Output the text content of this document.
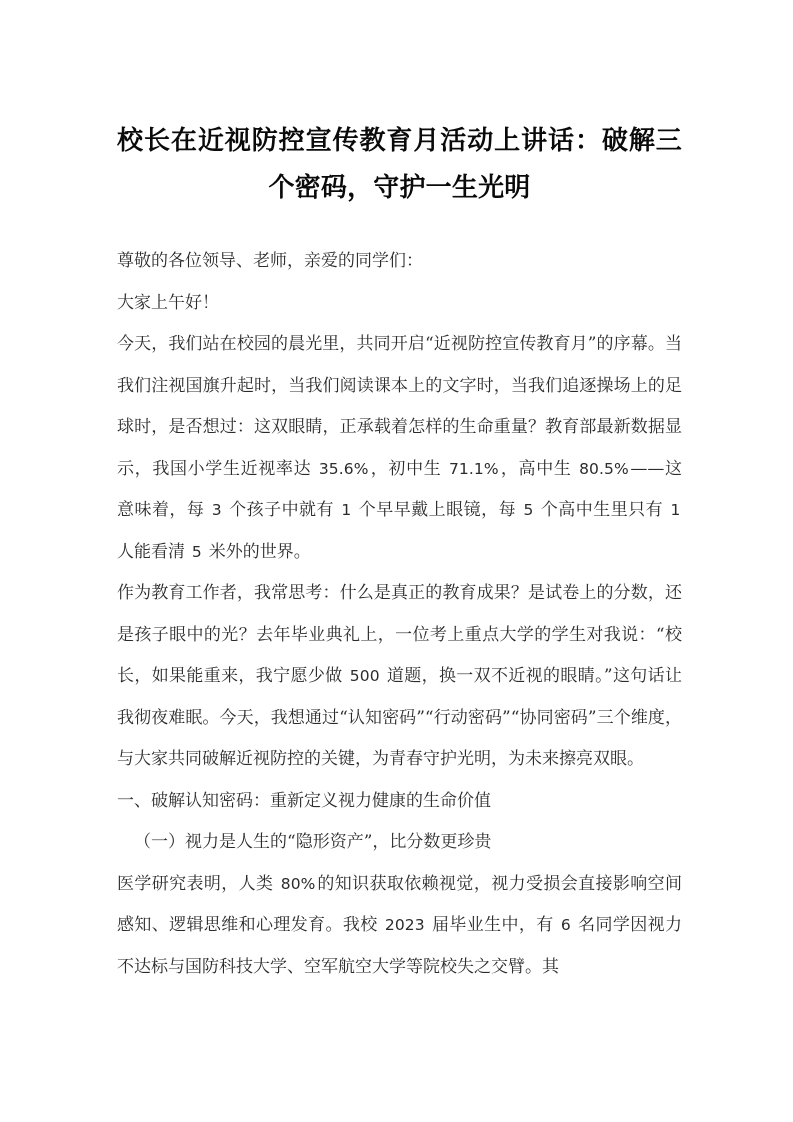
校长在近视防控宣传教育月活动上讲话：破解三个密码，守护一生光明

尊敬的各位领导、老师，亲爱的同学们：

大家上午好！

今天，我们站在校园的晨光里，共同开启“近视防控宣传教育月”的序幕。当我们注视国旗升起时，当我们阅读课本上的文字时，当我们追逐操场上的足球时，是否想过：这双眼睛，正承载着怎样的生命重量？教育部最新数据显示，我国小学生近视率达 35.6%，初中生 71.1%，高中生 80.5%——这意味着，每 3 个孩子中就有 1 个早早戴上眼镜，每 5 个高中生里只有 1 人能看清 5 米外的世界。

作为教育工作者，我常思考：什么是真正的教育成果？是试卷上的分数，还是孩子眼中的光？去年毕业典礼上，一位考上重点大学的学生对我说：“校长，如果能重来，我宁愿少做 500 道题，换一双不近视的眼睛。”这句话让我彻夜难眠。今天，我想通过“认知密码”“行动密码”“协同密码”三个维度，与大家共同破解近视防控的关键，为青春守护光明，为未来擦亮双眼。

一、破解认知密码：重新定义视力健康的生命价值

（一）视力是人生的“隐形资产”，比分数更珍贵

医学研究表明，人类 80%的知识获取依赖视觉，视力受损会直接影响空间感知、逻辑思维和心理发育。我校 2023 届毕业生中，有 6 名同学因视力不达标与国防科技大学、空军航空大学等院校失之交臂。其
